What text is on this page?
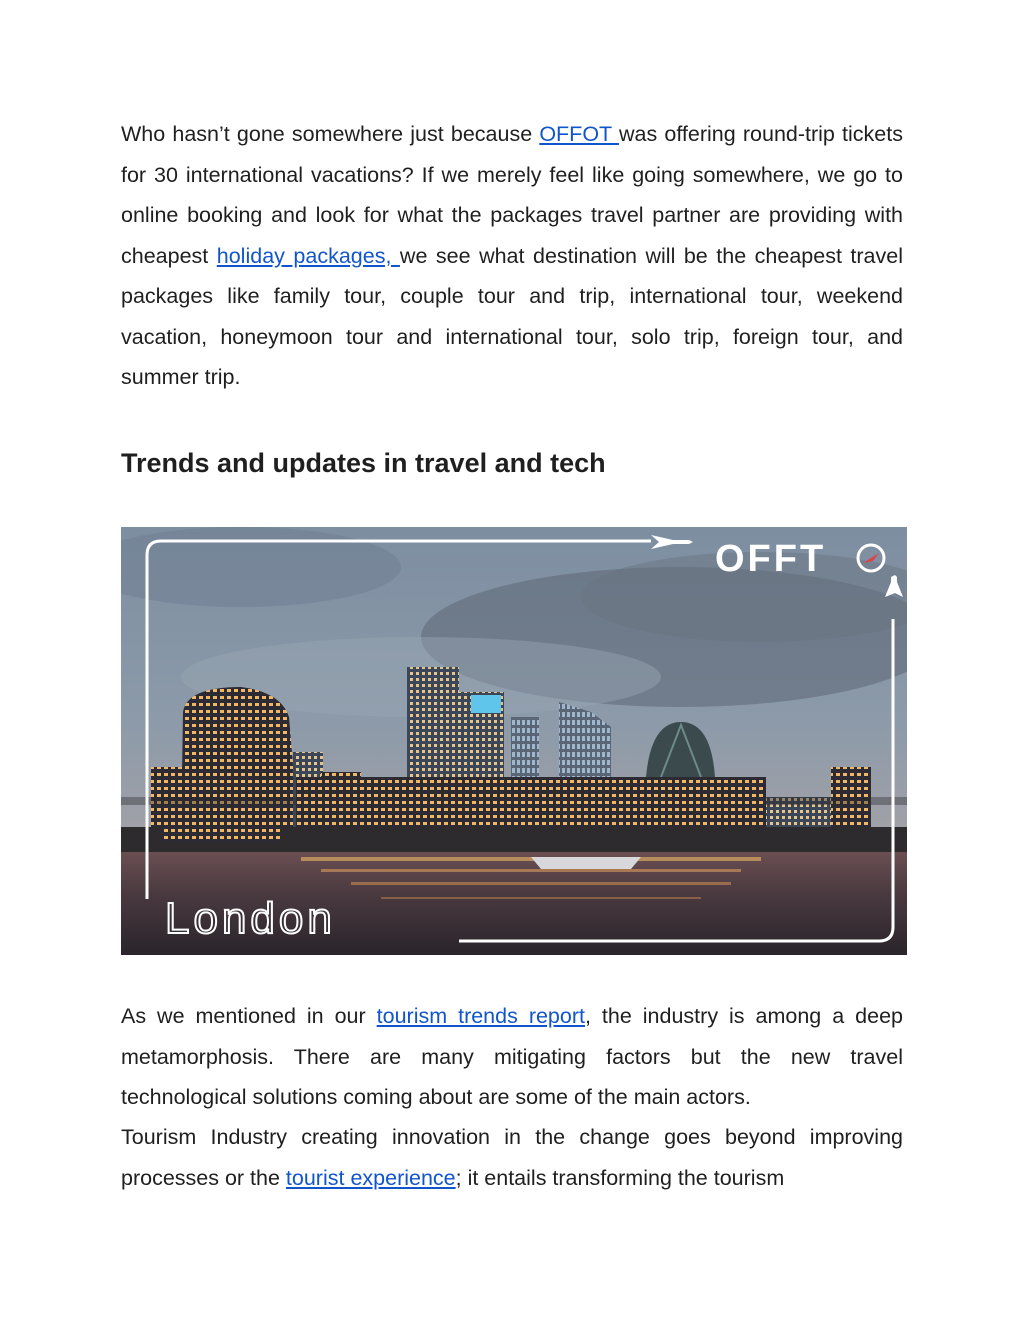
Who hasn’t gone somewhere just because OFFOT was offering round-trip tickets for 30 international vacations? If we merely feel like going somewhere, we go to online booking and look for what the packages travel partner are providing with cheapest holiday packages, we see what destination will be the cheapest travel packages like family tour, couple tour and trip, international tour, weekend vacation, honeymoon tour and international tour, solo trip, foreign tour, and summer trip.

Trends and updates in travel and tech
OFFT
London

As we mentioned in our tourism trends report, the industry is among a deep metamorphosis. There are many mitigating factors but the new travel technological solutions coming about are some of the main actors.

Tourism Industry creating innovation in the change goes beyond improving processes or the tourist experience; it entails transforming the tourism
